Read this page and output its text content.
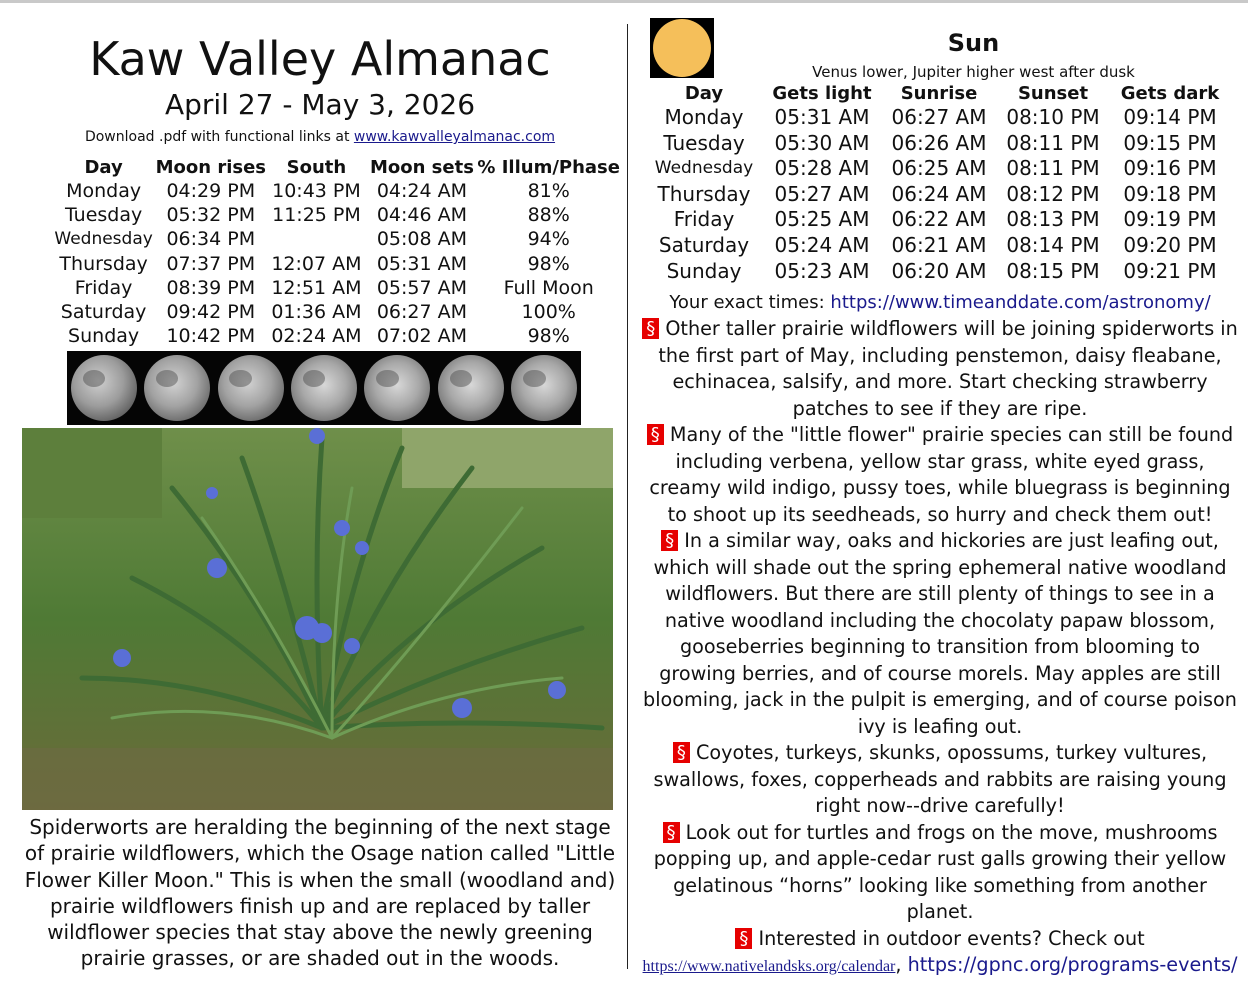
Kaw Valley Almanac
April 27 - May 3, 2026
Download .pdf with functional links at www.kawvalleyalmanac.com
Day	Moon rises	South	Moon sets	% Illum/Phase
Monday	04:29 PM	10:43 PM	04:24 AM	81%
Tuesday	05:32 PM	11:25 PM	04:46 AM	88%
Wednesday	06:34 PM		05:08 AM	94%
Thursday	07:37 PM	12:07 AM	05:31 AM	98%
Friday	08:39 PM	12:51 AM	05:57 AM	Full Moon
Saturday	09:42 PM	01:36 AM	06:27 AM	100%
Sunday	10:42 PM	02:24 AM	07:02 AM	98%
Spiderworts are heralding the beginning of the next stage of prairie wildflowers, which the Osage nation called "Little Flower Killer Moon." This is when the small (woodland and) prairie wildflowers finish up and are replaced by taller wildflower species that stay above the newly greening prairie grasses, or are shaded out in the woods.
Sun
Venus lower, Jupiter higher west after dusk
Day	Gets light	Sunrise	Sunset	Gets dark
Monday	05:31 AM	06:27 AM	08:10 PM	09:14 PM
Tuesday	05:30 AM	06:26 AM	08:11 PM	09:15 PM
Wednesday	05:28 AM	06:25 AM	08:11 PM	09:16 PM
Thursday	05:27 AM	06:24 AM	08:12 PM	09:18 PM
Friday	05:25 AM	06:22 AM	08:13 PM	09:19 PM
Saturday	05:24 AM	06:21 AM	08:14 PM	09:20 PM
Sunday	05:23 AM	06:20 AM	08:15 PM	09:21 PM
Your exact times: https://www.timeanddate.com/astronomy/

§ Other taller prairie wildflowers will be joining spiderworts in the first part of May, including penstemon, daisy fleabane, echinacea, salsify, and more. Start checking strawberry patches to see if they are ripe.

§ Many of the "little flower" prairie species can still be found including verbena, yellow star grass, white eyed grass, creamy wild indigo, pussy toes, while bluegrass is beginning to shoot up its seedheads, so hurry and check them out!

§ In a similar way, oaks and hickories are just leafing out, which will shade out the spring ephemeral native woodland wildflowers. But there are still plenty of things to see in a native woodland including the chocolaty papaw blossom, gooseberries beginning to transition from blooming to growing berries, and of course morels. May apples are still blooming, jack in the pulpit is emerging, and of course poison ivy is leafing out.

§ Coyotes, turkeys, skunks, opossums, turkey vultures, swallows, foxes, copperheads and rabbits are raising young right now--drive carefully!

§ Look out for turtles and frogs on the move, mushrooms popping up, and apple-cedar rust galls growing their yellow gelatinous “horns” looking like something from another planet.

§ Interested in outdoor events? Check out
https://www.nativelandsks.org/calendar, https://gpnc.org/programs-events/
